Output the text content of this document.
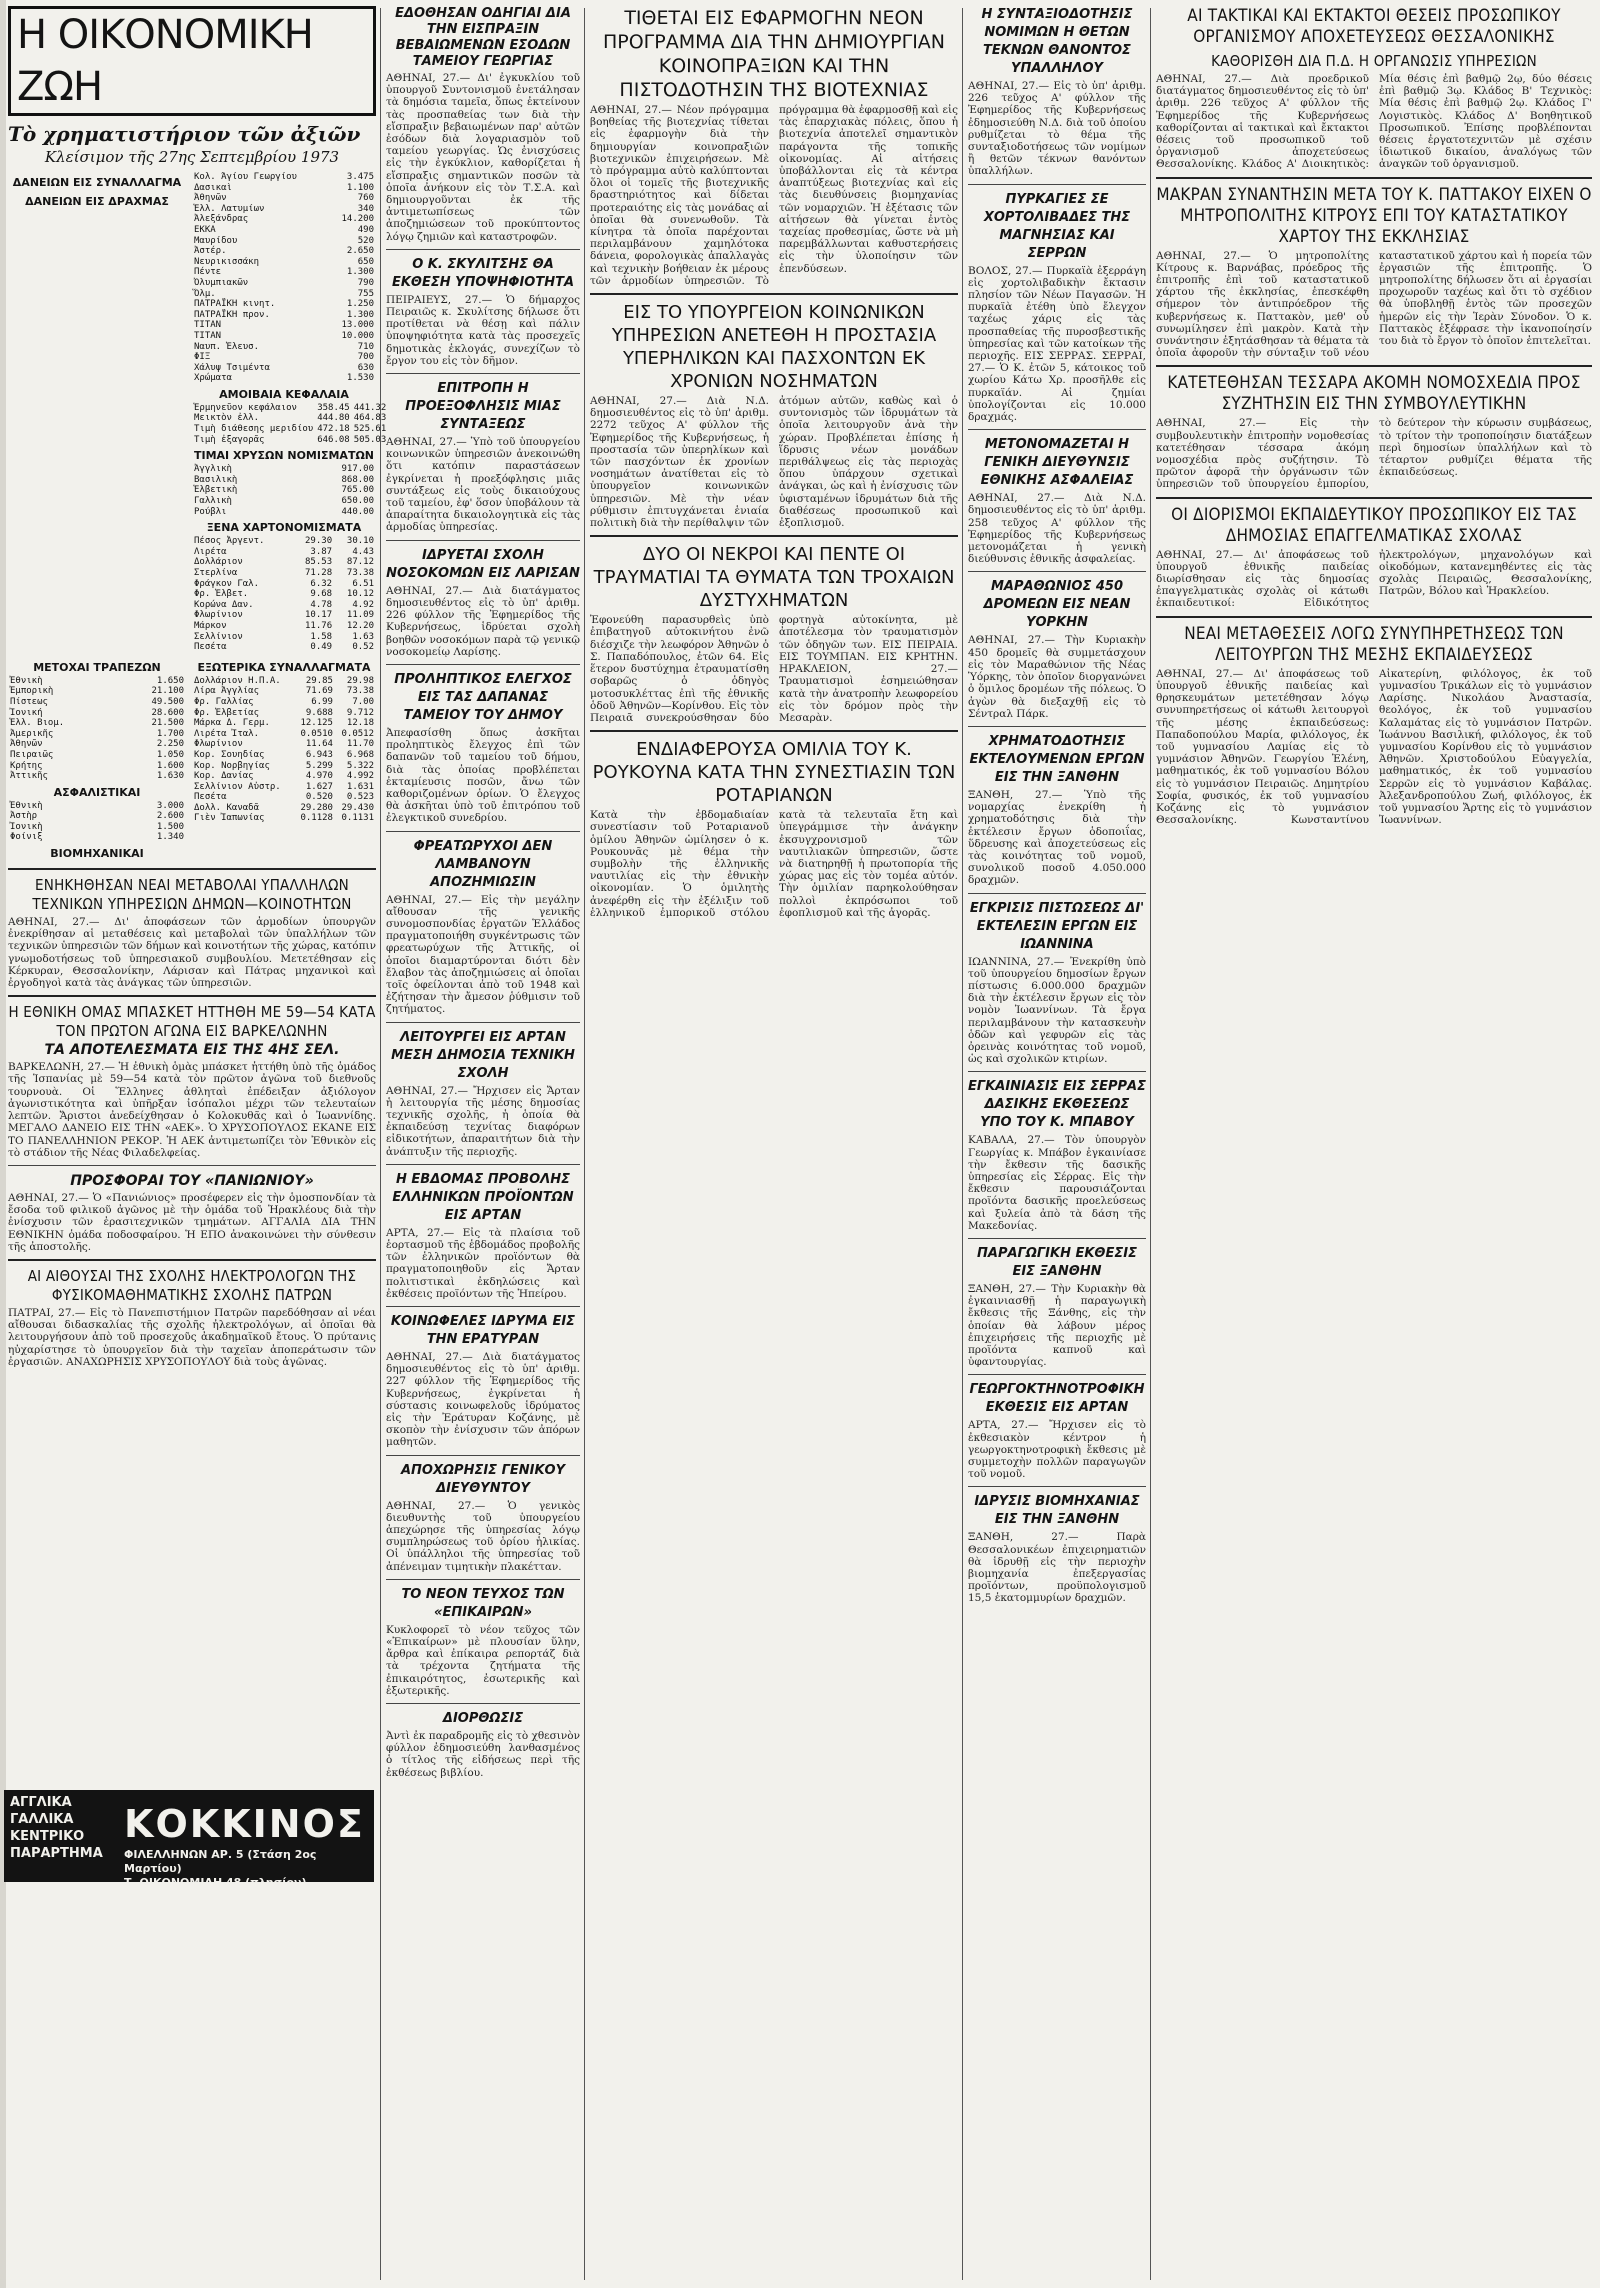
Η ΟΙΚΟΝΟΜΙΚΗ ΖΩΗ
Τὸ χρηματιστήριον τῶν ἀξιῶν
Κλείσιμον τῆς 27ης Σεπτεμβρίου 1973
ΔΑΝΕΙΩΝ ΕΙΣ ΣΥΝΑΛΛΑΓΜΑ
ΔΑΝΕΙΩΝ ΕΙΣ ΔΡΑΧΜΑΣ
Κολ. Άγίου Γεωργίου	3.475
Δασικαὶ	1.100
Ἀθηνῶν	760
Ἑλλ. Λατυμίων	340
Ἀλεξάνδρας	14.200
ΕΚΚΑ	490
Μαυρίδου	520
Ἀστέρ.	2.650
Νευρικισσάκη	650
Πέντε	1.300
Ὀλυμπιακῶν	790
Ὅλμ.	755
ΠΑΤΡΑΪΚΗ κινητ.	1.250
ΠΑΤΡΑΪΚΗ προν.	1.300
ΤΙΤΑΝ	13.000
ΤΙΤΑΝ	10.000
Ναυπ. Ἐλευσ.	710
ΦΙΞ	700
Χάλυψ Τσιμέντα	630
Χρώματα	1.530
ΑΜΟΙΒΑΙΑ ΚΕΦΑΛΑΙΑ
Ἑρμηνεῦον κεφάλαιον	358.45	441.32
Μεικτὸν ἐλλ.	444.80	464.83
Τιμὴ διάθεσης μεριδίου	472.18	525.61
Τιμὴ ἐξαγορᾶς	646.08	505.03
ΤΙΜΑΙ ΧΡΥΣΩΝ ΝΟΜΙΣΜΑΤΩΝ
Ἀγγλικὴ	917.00
Βασιλικὴ	868.00
Ἑλβετικὴ	765.00
Γαλλικὴ	650.00
Ρούβλι	440.00
ΞΕΝΑ ΧΑΡΤΟΝΟΜΙΣΜΑΤΑ
Πέσος Ἀργεντ.	29.30	30.10
Λιρέτα	3.87	4.43
Δολλάριον	85.53	87.12
Στερλίνα	71.28	73.38
Φράγκον Γαλ.	6.32	6.51
Φρ. Ἑλβετ.	9.68	10.12
Κορώνα Δαν.	4.78	4.92
Φλωρίνιον	10.17	11.09
Μάρκον	11.76	12.20
Σελλίνιον	1.58	1.63
Πεσέτα	0.49	0.52
ΜΕΤΟΧΑΙ ΤΡΑΠΕΖΩΝ
Ἐθνικὴ	1.650
Ἐμπορικὴ	21.100
Πίστεως	49.500
Ἰονική	28.600
Ἑλλ. Βιομ.	21.500
Ἀμερικῆς	1.700
Ἀθηνῶν	2.250
Πειραιῶς	1.050
Κρήτης	1.600
Ἀττικῆς	1.630
ΑΣΦΑΛΙΣΤΙΚΑΙ
Ἐθνικὴ	3.000
Ἀστὴρ	2.600
Ἰονικὴ	1.500
Φοίνιξ	1.340
ΒΙΟΜΗΧΑΝΙΚΑΙ
ΕΞΩΤΕΡΙΚΑ ΣΥΝΑΛΛΑΓΜΑΤΑ
Δολλάριον Η.Π.Α.	29.85	29.98
Λίρα Ἀγγλίας	71.69	73.38
Φρ. Γαλλίας	6.99	7.00
Φρ. Ἑλβετίας	9.688	9.712
Μάρκα Δ. Γερμ.	12.125	12.18
Λιρέτα Ἰταλ.	0.0510	0.0512
Φλωρίνιον	11.64	11.70
Κορ. Σουηδίας	6.943	6.968
Κορ. Νορβηγίας	5.299	5.322
Κορ. Δανίας	4.970	4.992
Σελλίνιον Αὐστρ.	1.627	1.631
Πεσέτα	0.520	0.523
Δολλ. Καναδᾶ	29.280	29.430
Γιὲν Ἰαπωνίας	0.1128	0.1131
ΕΝΗΚΗΘΗΣΑΝ ΝΕΑΙ ΜΕΤΑΒΟΛΑΙ ΥΠΑΛΛΗΛΩΝ ΤΕΧΝΙΚΩΝ ΥΠΗΡΕΣΙΩΝ ΔΗΜΩΝ—ΚΟΙΝΟΤΗΤΩΝ

ΑΘΗΝΑΙ, 27.— Δι' ἀποφάσεων τῶν ἀρμοδίων ὑπουργῶν ἐνεκρίθησαν αἱ μεταθέσεις καὶ μεταβολαὶ τῶν ὑπαλλήλων τῶν τεχνικῶν ὑπηρεσιῶν τῶν δήμων καὶ κοινοτήτων τῆς χώρας, κατόπιν γνωμοδοτήσεως τοῦ ὑπηρεσιακοῦ συμβουλίου. Μετετέθησαν εἰς Κέρκυραν, Θεσσαλονίκην, Λάρισαν καὶ Πάτρας μηχανικοὶ καὶ ἐργοδηγοὶ κατὰ τὰς ἀνάγκας τῶν ὑπηρεσιῶν.

Η ΕΘΝΙΚΗ ΟΜΑΣ ΜΠΑΣΚΕΤ ΗΤΤΗΘΗ ΜΕ 59—54 ΚΑΤΑ ΤΟΝ ΠΡΩΤΟΝ ΑΓΩΝΑ ΕΙΣ ΒΑΡΚΕΛΩΝΗΝ
ΤΑ ΑΠΟΤΕΛΕΣΜΑΤΑ ΕΙΣ ΤΗΣ 4ΗΣ ΣΕΛ.

ΒΑΡΚΕΛΩΝΗ, 27.— Ἡ ἐθνικὴ ὁμὰς μπάσκετ ἡττήθη ὑπὸ τῆς ὁμάδος τῆς Ἱσπανίας μὲ 59—54 κατὰ τὸν πρῶτον ἀγῶνα τοῦ διεθνοῦς τουρνουὰ. Οἱ Ἕλληνες ἀθληταὶ ἐπέδειξαν ἀξιόλογον ἀγωνιστικότητα καὶ ὑπῆρξαν ἰσόπαλοι μέχρι τῶν τελευταίων λεπτῶν. Ἄριστοι ἀνεδείχθησαν ὁ Κολοκυθᾶς καὶ ὁ Ἰωαννίδης. ΜΕΓΑΛΟ ΔΑΝΕΙΟ ΕΙΣ ΤΗΝ «ΑΕΚ». Ὁ ΧΡΥΣΟΠΟΥΛΟΣ ΕΚΑΝΕ ΕΙΣ ΤΟ ΠΑΝΕΛΛΗΝΙΟΝ ΡΕΚΟΡ. Ἡ ΑΕΚ ἀντιμετωπίζει τὸν Ἐθνικὸν εἰς τὸ στάδιον τῆς Νέας Φιλαδελφείας.

ΠΡΟΣΦΟΡΑΙ ΤΟΥ «ΠΑΝΙΩΝΙΟΥ»

ΑΘΗΝΑΙ, 27.— Ὁ «Πανιώνιος» προσέφερεν εἰς τὴν ὁμοσπονδίαν τὰ ἔσοδα τοῦ φιλικοῦ ἀγῶνος μὲ τὴν ὁμάδα τοῦ Ἡρακλέους διὰ τὴν ἐνίσχυσιν τῶν ἐρασιτεχνικῶν τμημάτων. ΑΓΓΑΛΙΑ ΔΙΑ ΤΗΝ ΕΘΝΙΚΗΝ ὁμάδα ποδοσφαίρου. Ἡ ΕΠΟ ἀνακοινώνει τὴν σύνθεσιν τῆς ἀποστολῆς.

ΑΙ ΑΙΘΟΥΣΑΙ ΤΗΣ ΣΧΟΛΗΣ ΗΛΕΚΤΡΟΛΟΓΩΝ ΤΗΣ ΦΥΣΙΚΟΜΑΘΗΜΑΤΙΚΗΣ ΣΧΟΛΗΣ ΠΑΤΡΩΝ

ΠΑΤΡΑΙ, 27.— Εἰς τὸ Πανεπιστήμιον Πατρῶν παρεδόθησαν αἱ νέαι αἴθουσαι διδασκαλίας τῆς σχολῆς ἠλεκτρολόγων, αἱ ὁποῖαι θὰ λειτουργήσουν ἀπὸ τοῦ προσεχοῦς ἀκαδημαϊκοῦ ἔτους. Ὁ πρύτανις ηὐχαρίστησε τὸ ὑπουργεῖον διὰ τὴν ταχεῖαν ἀποπεράτωσιν τῶν ἐργασιῶν. ΑΝΑΧΩΡΗΣΙΣ ΧΡΥΣΟΠΟΥΛΟΥ διὰ τοὺς ἀγῶνας.

ΑΓΓΛΙΚΑ ΓΑΛΛΙΚΑ ΚΕΝΤΡΙΚΟ ΠΑΡΑΡΤΗΜΑ
ΚΟΚΚΙΝΟΣ
ΦΙΛΕΛΛΗΝΩΝ ΑΡ. 5 (Στάση 2ος Μαρτίου)
Τ. ΟΙΚΟΝΟΜΙΔΗ 48 (πλησίον)
ΕΔΟΘΗΣΑΝ ΟΔΗΓΙΑΙ ΔΙΑ ΤΗΝ ΕΙΣΠΡΑΞΙΝ ΒΕΒΑΙΩΜΕΝΩΝ ΕΣΟΔΩΝ ΤΑΜΕΙΟΥ ΓΕΩΡΓΙΑΣ

ΑΘΗΝΑΙ, 27.— Δι' ἐγκυκλίου τοῦ ὑπουργοῦ Συντονισμοῦ ἐνετάλησαν τὰ δημόσια ταμεῖα, ὅπως ἐκτείνουν τὰς προσπαθείας των διὰ τὴν εἴσπραξιν βεβαιωμένων παρ' αὐτῶν ἐσόδων διὰ λογαριασμὸν τοῦ ταμείου γεωργίας. Ὡς ἐνισχύσεις εἰς τὴν ἐγκύκλιον, καθορίζεται ἡ εἴσπραξις σημαντικῶν ποσῶν τὰ ὁποῖα ἀνήκουν εἰς τὸν Τ.Σ.Α. καὶ δημιουργοῦνται ἐκ τῆς ἀντιμετωπίσεως τῶν ἀποζημιώσεων τοῦ προκύπτοντος λόγῳ ζημιῶν καὶ καταστροφῶν.

Ο Κ. ΣΚΥΛΙΤΣΗΣ ΘΑ ΕΚΘΕΣΗ ΥΠΟΨΗΦΙΟΤΗΤΑ

ΠΕΙΡΑΙΕΥΣ, 27.— Ὁ δήμαρχος Πειραιῶς κ. Σκυλίτσης δήλωσε ὅτι προτίθεται νὰ θέσῃ καὶ πάλιν ὑποψηφιότητα κατὰ τὰς προσεχεῖς δημοτικὰς ἐκλογάς, συνεχίζων τὸ ἔργον του εἰς τὸν δῆμον.

ΕΠΙΤΡΟΠΗ Η ΠΡΟΕΞΟΦΛΗΣΙΣ ΜΙΑΣ ΣΥΝΤΑΞΕΩΣ

ΑΘΗΝΑΙ, 27.— Ὑπὸ τοῦ ὑπουργείου κοινωνικῶν ὑπηρεσιῶν ἀνεκοινώθη ὅτι κατόπιν παραστάσεων ἐγκρίνεται ἡ προεξόφλησις μιᾶς συντάξεως εἰς τοὺς δικαιούχους τοῦ ταμείου, ἐφ' ὅσον ὑποβάλουν τὰ ἀπαραίτητα δικαιολογητικὰ εἰς τὰς ἁρμοδίας ὑπηρεσίας.

ΙΔΡΥΕΤΑΙ ΣΧΟΛΗ ΝΟΣΟΚΟΜΩΝ ΕΙΣ ΛΑΡΙΣΑΝ

ΑΘΗΝΑΙ, 27.— Διὰ διατάγματος δημοσιευθέντος εἰς τὸ ὑπ' ἀριθμ. 226 φύλλον τῆς Ἐφημερίδος τῆς Κυβερνήσεως, ἱδρύεται σχολὴ βοηθῶν νοσοκόμων παρὰ τῷ γενικῷ νοσοκομείῳ Λαρίσης.

ΠΡΟΛΗΠΤΙΚΟΣ ΕΛΕΓΧΟΣ ΕΙΣ ΤΑΣ ΔΑΠΑΝΑΣ ΤΑΜΕΙΟΥ ΤΟΥ ΔΗΜΟΥ

Ἀπεφασίσθη ὅπως ἀσκῆται προληπτικὸς ἔλεγχος ἐπὶ τῶν δαπανῶν τοῦ ταμείου τοῦ δήμου, διὰ τὰς ὁποίας προβλέπεται ἐκταμίευσις ποσῶν, ἄνω τῶν καθοριζομένων ὁρίων. Ὁ ἔλεγχος θὰ ἀσκῆται ὑπὸ τοῦ ἐπιτρόπου τοῦ ἐλεγκτικοῦ συνεδρίου.

ΦΡΕΑΤΩΡΥΧΟΙ ΔΕΝ ΛΑΜΒΑΝΟΥΝ ΑΠΟΖΗΜΙΩΣΙΝ

ΑΘΗΝΑΙ, 27.— Εἰς τὴν μεγάλην αἴθουσαν τῆς γενικῆς συνομοσπονδίας ἐργατῶν Ἑλλάδος πραγματοποιήθη συγκέντρωσις τῶν φρεατωρύχων τῆς Ἀττικῆς, οἱ ὁποῖοι διαμαρτύρονται διότι δὲν ἔλαβον τὰς ἀποζημιώσεις αἱ ὁποῖαι τοῖς ὀφείλονται ἀπὸ τοῦ 1948 καὶ ἐζήτησαν τὴν ἄμεσον ῥύθμισιν τοῦ ζητήματος.

ΛΕΙΤΟΥΡΓΕΙ ΕΙΣ ΑΡΤΑΝ ΜΕΣΗ ΔΗΜΟΣΙΑ ΤΕΧΝΙΚΗ ΣΧΟΛΗ

ΑΘΗΝΑΙ, 27.— Ἤρχισεν εἰς Ἄρταν ἡ λειτουργία τῆς μέσης δημοσίας τεχνικῆς σχολῆς, ἡ ὁποία θὰ ἐκπαιδεύσῃ τεχνίτας διαφόρων εἰδικοτήτων, ἀπαραιτήτων διὰ τὴν ἀνάπτυξιν τῆς περιοχῆς.

Η ΕΒΔΟΜΑΣ ΠΡΟΒΟΛΗΣ ΕΛΛΗΝΙΚΩΝ ΠΡΟΪΟΝΤΩΝ ΕΙΣ ΑΡΤΑΝ

ΑΡΤΑ, 27.— Εἰς τὰ πλαίσια τοῦ ἑορτασμοῦ τῆς ἑβδομάδος προβολῆς τῶν ἑλληνικῶν προϊόντων θὰ πραγματοποιηθοῦν εἰς Ἄρταν πολιτιστικαὶ ἐκδηλώσεις καὶ ἐκθέσεις προϊόντων τῆς Ἠπείρου.

ΚΟΙΝΩΦΕΛΕΣ ΙΔΡΥΜΑ ΕΙΣ ΤΗΝ ΕΡΑΤΥΡΑΝ

ΑΘΗΝΑΙ, 27.— Διὰ διατάγματος δημοσιευθέντος εἰς τὸ ὑπ' ἀριθμ. 227 φύλλον τῆς Ἐφημερίδος τῆς Κυβερνήσεως, ἐγκρίνεται ἡ σύστασις κοινωφελοῦς ἱδρύματος εἰς τὴν Ἐράτυραν Κοζάνης, μὲ σκοπὸν τὴν ἐνίσχυσιν τῶν ἀπόρων μαθητῶν.

ΑΠΟΧΩΡΗΣΙΣ ΓΕΝΙΚΟΥ ΔΙΕΥΘΥΝΤΟΥ

ΑΘΗΝΑΙ, 27.— Ὁ γενικὸς διευθυντὴς τοῦ ὑπουργείου ἀπεχώρησε τῆς ὑπηρεσίας λόγῳ συμπληρώσεως τοῦ ὁρίου ἡλικίας. Οἱ ὑπάλληλοι τῆς ὑπηρεσίας τοῦ ἀπένειμαν τιμητικὴν πλακέτταν.

ΤΟ ΝΕΟΝ ΤΕΥΧΟΣ ΤΩΝ «ΕΠΙΚΑΙΡΩΝ»

Κυκλοφορεῖ τὸ νέον τεῦχος τῶν «Ἐπικαίρων» μὲ πλουσίαν ὕλην, ἄρθρα καὶ ἐπίκαιρα ρεπορτάζ διὰ τὰ τρέχοντα ζητήματα τῆς ἐπικαιρότητος, ἐσωτερικῆς καὶ ἐξωτερικῆς.

ΔΙΟΡΘΩΣΙΣ

Ἀντὶ ἐκ παραδρομῆς εἰς τὸ χθεσινὸν φύλλον ἐδημοσιεύθη λανθασμένος ὁ τίτλος τῆς εἰδήσεως περὶ τῆς ἐκθέσεως βιβλίου.

ΤΙΘΕΤΑΙ ΕΙΣ ΕΦΑΡΜΟΓΗΝ ΝΕΟΝ ΠΡΟΓΡΑΜΜΑ ΔΙΑ ΤΗΝ ΔΗΜΙΟΥΡΓΙΑΝ ΚΟΙΝΟΠΡΑΞΙΩΝ ΚΑΙ ΤΗΝ ΠΙΣΤΟΔΟΤΗΣΙΝ ΤΗΣ ΒΙΟΤΕΧΝΙΑΣ

ΑΘΗΝΑΙ, 27.— Νέον πρόγραμμα βοηθείας τῆς βιοτεχνίας τίθεται εἰς ἐφαρμογὴν διὰ τὴν δημιουργίαν κοινοπραξιῶν βιοτεχνικῶν ἐπιχειρήσεων. Μὲ τὸ πρόγραμμα αὐτὸ καλύπτονται ὅλοι οἱ τομεῖς τῆς βιοτεχνικῆς δραστηριότητος καὶ δίδεται προτεραιότης εἰς τὰς μονάδας αἱ ὁποῖαι θὰ συνενωθοῦν. Τὰ κίνητρα τὰ ὁποῖα παρέχονται περιλαμβάνουν χαμηλότοκα δάνεια, φορολογικὰς ἀπαλλαγὰς καὶ τεχνικὴν βοήθειαν ἐκ μέρους τῶν ἁρμοδίων ὑπηρεσιῶν. Τὸ πρόγραμμα θὰ ἐφαρμοσθῇ καὶ εἰς τὰς ἐπαρχιακὰς πόλεις, ὅπου ἡ βιοτεχνία ἀποτελεῖ σημαντικὸν παράγοντα τῆς τοπικῆς οἰκονομίας. Αἱ αἰτήσεις ὑποβάλλονται εἰς τὰ κέντρα ἀναπτύξεως βιοτεχνίας καὶ εἰς τὰς διευθύνσεις βιομηχανίας τῶν νομαρχιῶν. Ἡ ἐξέτασις τῶν αἰτήσεων θὰ γίνεται ἐντὸς ταχείας προθεσμίας, ὥστε νὰ μὴ παρεμβάλλωνται καθυστερήσεις εἰς τὴν ὑλοποίησιν τῶν ἐπενδύσεων.

ΕΙΣ ΤΟ ΥΠΟΥΡΓΕΙΟΝ ΚΟΙΝΩΝΙΚΩΝ ΥΠΗΡΕΣΙΩΝ ΑΝΕΤΕΘΗ Η ΠΡΟΣΤΑΣΙΑ ΥΠΕΡΗΛΙΚΩΝ ΚΑΙ ΠΑΣΧΟΝΤΩΝ ΕΚ ΧΡΟΝΙΩΝ ΝΟΣΗΜΑΤΩΝ

ΑΘΗΝΑΙ, 27.— Διὰ Ν.Δ. δημοσιευθέντος εἰς τὸ ὑπ' ἀριθμ. 2272 τεῦχος Α' φύλλον τῆς Ἐφημερίδος τῆς Κυβερνήσεως, ἡ προστασία τῶν ὑπερηλίκων καὶ τῶν πασχόντων ἐκ χρονίων νοσημάτων ἀνατίθεται εἰς τὸ ὑπουργεῖον κοινωνικῶν ὑπηρεσιῶν. Μὲ τὴν νέαν ρύθμισιν ἐπιτυγχάνεται ἑνιαία πολιτικὴ διὰ τὴν περίθαλψιν τῶν ἀτόμων αὐτῶν, καθὼς καὶ ὁ συντονισμὸς τῶν ἱδρυμάτων τὰ ὁποῖα λειτουργοῦν ἀνὰ τὴν χώραν. Προβλέπεται ἐπίσης ἡ ἵδρυσις νέων μονάδων περιθάλψεως εἰς τὰς περιοχὰς ὅπου ὑπάρχουν σχετικαὶ ἀνάγκαι, ὡς καὶ ἡ ἐνίσχυσις τῶν ὑφισταμένων ἱδρυμάτων διὰ τῆς διαθέσεως προσωπικοῦ καὶ ἐξοπλισμοῦ.

ΔΥΟ ΟΙ ΝΕΚΡΟΙ ΚΑΙ ΠΕΝΤΕ ΟΙ ΤΡΑΥΜΑΤΙΑΙ ΤΑ ΘΥΜΑΤΑ ΤΩΝ ΤΡΟΧΑΙΩΝ ΔΥΣΤΥΧΗΜΑΤΩΝ

Ἐφονεύθη παρασυρθεὶς ὑπὸ ἐπιβατηγοῦ αὐτοκινήτου ἐνῶ διέσχιζε τὴν λεωφόρον Ἀθηνῶν ὁ Σ. Παπαδόπουλος, ἐτῶν 64. Εἰς ἕτερον δυστύχημα ἐτραυματίσθη σοβαρῶς ὁ ὁδηγὸς μοτοσυκλέττας ἐπὶ τῆς ἐθνικῆς ὁδοῦ Ἀθηνῶν—Κορίνθου. Εἰς τὸν Πειραιᾶ συνεκρούσθησαν δύο φορτηγὰ αὐτοκίνητα, μὲ ἀποτέλεσμα τὸν τραυματισμὸν τῶν ὁδηγῶν των. ΕΙΣ ΠΕΙΡΑΙΑ. ΕΙΣ ΤΟΥΜΠΑΝ. ΕΙΣ ΚΡΗΤΗΝ. ΗΡΑΚΛΕΙΟΝ, 27.— Τραυματισμοὶ ἐσημειώθησαν κατὰ τὴν ἀνατροπὴν λεωφορείου εἰς τὸν δρόμον πρὸς τὴν Μεσαρὰν.

ΕΝΔΙΑΦΕΡΟΥΣΑ ΟΜΙΛΙΑ ΤΟΥ Κ. ΡΟΥΚΟΥΝΑ ΚΑΤΑ ΤΗΝ ΣΥΝΕΣΤΙΑΣΙΝ ΤΩΝ ΡΟΤΑΡΙΑΝΩΝ

Κατὰ τὴν ἑβδομαδιαίαν συνεστίασιν τοῦ Ροταριανοῦ ὁμίλου Ἀθηνῶν ὡμίλησεν ὁ κ. Ρουκουνᾶς μὲ θέμα τὴν συμβολὴν τῆς ἑλληνικῆς ναυτιλίας εἰς τὴν ἐθνικὴν οἰκονομίαν. Ὁ ὁμιλητὴς ἀνεφέρθη εἰς τὴν ἐξέλιξιν τοῦ ἑλληνικοῦ ἐμπορικοῦ στόλου κατὰ τὰ τελευταῖα ἔτη καὶ ὑπεγράμμισε τὴν ἀνάγκην ἐκσυγχρονισμοῦ τῶν ναυτιλιακῶν ὑπηρεσιῶν, ὥστε νὰ διατηρηθῇ ἡ πρωτοπορία τῆς χώρας μας εἰς τὸν τομέα αὐτόν. Τὴν ὁμιλίαν παρηκολούθησαν πολλοὶ ἐκπρόσωποι τοῦ ἐφοπλισμοῦ καὶ τῆς ἀγορᾶς.

Η ΣΥΝΤΑΞΙΟΔΟΤΗΣΙΣ ΝΟΜΙΜΩΝ Η ΘΕΤΩΝ ΤΕΚΝΩΝ ΘΑΝΟΝΤΟΣ ΥΠΑΛΛΗΛΟΥ

ΑΘΗΝΑΙ, 27.— Εἰς τὸ ὑπ' ἀριθμ. 226 τεῦχος Α' φύλλον τῆς Ἐφημερίδος τῆς Κυβερνήσεως ἐδημοσιεύθη Ν.Δ. διὰ τοῦ ὁποίου ρυθμίζεται τὸ θέμα τῆς συνταξιοδοτήσεως τῶν νομίμων ἢ θετῶν τέκνων θανόντων ὑπαλλήλων.

ΠΥΡΚΑΓΙΕΣ ΣΕ ΧΟΡΤΟΛΙΒΑΔΕΣ ΤΗΣ ΜΑΓΝΗΣΙΑΣ ΚΑΙ ΣΕΡΡΩΝ

ΒΟΛΟΣ, 27.— Πυρκαϊὰ ἐξερράγη εἰς χορτολιβαδικὴν ἔκτασιν πλησίον τῶν Νέων Παγασῶν. Ἡ πυρκαϊὰ ἐτέθη ὑπὸ ἔλεγχον ταχέως χάρις εἰς τὰς προσπαθείας τῆς πυροσβεστικῆς ὑπηρεσίας καὶ τῶν κατοίκων τῆς περιοχῆς. ΕΙΣ ΣΕΡΡΑΣ. ΣΕΡΡΑΙ, 27.— Ὁ Κ. ἐτῶν 5, κάτοικος τοῦ χωρίου Κάτω Χρ. προσῆλθε εἰς πυρκαϊάν. Αἱ ζημίαι ὑπολογίζονται εἰς 10.000 δραχμάς.

ΜΕΤΟΝΟΜΑΖΕΤΑΙ Η ΓΕΝΙΚΗ ΔΙΕΥΘΥΝΣΙΣ ΕΘΝΙΚΗΣ ΑΣΦΑΛΕΙΑΣ

ΑΘΗΝΑΙ, 27.— Διὰ Ν.Δ. δημοσιευθέντος εἰς τὸ ὑπ' ἀριθμ. 258 τεῦχος Α' φύλλον τῆς Ἐφημερίδος τῆς Κυβερνήσεως μετονομάζεται ἡ γενικὴ διεύθυνσις ἐθνικῆς ἀσφαλείας.

ΜΑΡΑΘΩΝΙΟΣ 450 ΔΡΟΜΕΩΝ ΕΙΣ ΝΕΑΝ ΥΟΡΚΗΝ

ΑΘΗΝΑΙ, 27.— Τὴν Κυριακὴν 450 δρομεῖς θὰ συμμετάσχουν εἰς τὸν Μαραθώνιον τῆς Νέας Ὑόρκης, τὸν ὁποῖον διοργανώνει ὁ ὅμιλος δρομέων τῆς πόλεως. Ὁ ἀγὼν θὰ διεξαχθῇ εἰς τὸ Σέντραλ Πάρκ.

ΧΡΗΜΑΤΟΔΟΤΗΣΙΣ ΕΚΤΕΛΟΥΜΕΝΩΝ ΕΡΓΩΝ ΕΙΣ ΤΗΝ ΞΑΝΘΗΝ

ΞΑΝΘΗ, 27.— Ὑπὸ τῆς νομαρχίας ἐνεκρίθη ἡ χρηματοδότησις διὰ τὴν ἐκτέλεσιν ἔργων ὁδοποιΐας, ὕδρευσης καὶ ἀποχετεύσεως εἰς τὰς κοινότητας τοῦ νομοῦ, συνολικοῦ ποσοῦ 4.050.000 δραχμῶν.

ΕΓΚΡΙΣΙΣ ΠΙΣΤΩΣΕΩΣ ΔΙ' ΕΚΤΕΛΕΣΙΝ ΕΡΓΩΝ ΕΙΣ ΙΩΑΝΝΙΝΑ

ΙΩΑΝΝΙΝΑ, 27.— Ἐνεκρίθη ὑπὸ τοῦ ὑπουργείου δημοσίων ἔργων πίστωσις 6.000.000 δραχμῶν διὰ τὴν ἐκτέλεσιν ἔργων εἰς τὸν νομὸν Ἰωαννίνων. Τὰ ἔργα περιλαμβάνουν τὴν κατασκευὴν ὁδῶν καὶ γεφυρῶν εἰς τὰς ὀρεινὰς κοινότητας τοῦ νομοῦ, ὡς καὶ σχολικῶν κτιρίων.

ΕΓΚΑΙΝΙΑΣΙΣ ΕΙΣ ΣΕΡΡΑΣ ΔΑΣΙΚΗΣ ΕΚΘΕΣΕΩΣ ΥΠΟ ΤΟΥ Κ. ΜΠΑΒΟΥ

ΚΑΒΑΛΑ, 27.— Τὸν ὑπουργὸν Γεωργίας κ. Μπάβον ἐγκαινίασε τὴν ἔκθεσιν τῆς δασικῆς ὑπηρεσίας εἰς Σέρρας. Εἰς τὴν ἔκθεσιν παρουσιάζονται προϊόντα δασικῆς προελεύσεως καὶ ξυλεία ἀπὸ τὰ δάση τῆς Μακεδονίας.

ΠΑΡΑΓΩΓΙΚΗ ΕΚΘΕΣΙΣ ΕΙΣ ΞΑΝΘΗΝ

ΞΑΝΘΗ, 27.— Τὴν Κυριακὴν θὰ ἐγκαινιασθῇ ἡ παραγωγικὴ ἔκθεσις τῆς Ξάνθης, εἰς τὴν ὁποίαν θὰ λάβουν μέρος ἐπιχειρήσεις τῆς περιοχῆς μὲ προϊόντα καπνοῦ καὶ ὑφαντουργίας.

ΓΕΩΡΓΟΚΤΗΝΟΤΡΟΦΙΚΗ ΕΚΘΕΣΙΣ ΕΙΣ ΑΡΤΑΝ

ΑΡΤΑ, 27.— Ἤρχισεν εἰς τὸ ἐκθεσιακὸν κέντρον ἡ γεωργοκτηνοτροφικὴ ἔκθεσις μὲ συμμετοχὴν πολλῶν παραγωγῶν τοῦ νομοῦ.

ΙΔΡΥΣΙΣ ΒΙΟΜΗΧΑΝΙΑΣ ΕΙΣ ΤΗΝ ΞΑΝΘΗΝ

ΞΑΝΘΗ, 27.— Παρὰ Θεσσαλονικέων ἐπιχειρηματιῶν θὰ ἱδρυθῇ εἰς τὴν περιοχὴν βιομηχανία ἐπεξεργασίας προϊόντων, προϋπολογισμοῦ 15,5 ἑκατομμυρίων δραχμῶν.

ΑΙ ΤΑΚΤΙΚΑΙ ΚΑΙ ΕΚΤΑΚΤΟΙ ΘΕΣΕΙΣ ΠΡΟΣΩΠΙΚΟΥ ΟΡΓΑΝΙΣΜΟΥ ΑΠΟΧΕΤΕΥΣΕΩΣ ΘΕΣΣΑΛΟΝΙΚΗΣ
ΚΑΘΟΡΙΣΘΗ ΔΙΑ Π.Δ. Η ΟΡΓΑΝΩΣΙΣ ΥΠΗΡΕΣΙΩΝ

ΑΘΗΝΑΙ, 27.— Διὰ προεδρικοῦ διατάγματος δημοσιευθέντος εἰς τὸ ὑπ' ἀριθμ. 226 τεῦχος Α' φύλλον τῆς Ἐφημερίδος τῆς Κυβερνήσεως καθορίζονται αἱ τακτικαὶ καὶ ἔκτακτοι θέσεις τοῦ προσωπικοῦ τοῦ ὀργανισμοῦ ἀποχετεύσεως Θεσσαλονίκης. Κλάδος Α' Διοικητικὸς: Μία θέσις ἐπὶ βαθμῷ 2ῳ, δύο θέσεις ἐπὶ βαθμῷ 3ῳ. Κλάδος Β' Τεχνικὸς: Μία θέσις ἐπὶ βαθμῷ 2ῳ. Κλάδος Γ' Λογιστικὸς. Κλάδος Δ' Βοηθητικοῦ Προσωπικοῦ. Ἐπίσης προβλέπονται θέσεις ἐργατοτεχνιτῶν μὲ σχέσιν ἰδιωτικοῦ δικαίου, ἀναλόγως τῶν ἀναγκῶν τοῦ ὀργανισμοῦ.

ΜΑΚΡΑΝ ΣΥΝΑΝΤΗΣΙΝ ΜΕΤΑ ΤΟΥ Κ. ΠΑΤΤΑΚΟΥ ΕΙΧΕΝ Ο ΜΗΤΡΟΠΟΛΙΤΗΣ ΚΙΤΡΟΥΣ ΕΠΙ ΤΟΥ ΚΑΤΑΣΤΑΤΙΚΟΥ ΧΑΡΤΟΥ ΤΗΣ ΕΚΚΛΗΣΙΑΣ

ΑΘΗΝΑΙ, 27.— Ὁ μητροπολίτης Κίτρους κ. Βαρνάβας, πρόεδρος τῆς ἐπιτροπῆς ἐπὶ τοῦ καταστατικοῦ χάρτου τῆς ἐκκλησίας, ἐπεσκέφθη σήμερον τὸν ἀντιπρόεδρον τῆς κυβερνήσεως κ. Παττακὸν, μεθ' οὗ συνωμίλησεν ἐπὶ μακρὸν. Κατὰ τὴν συνάντησιν ἐξητάσθησαν τὰ θέματα τὰ ὁποῖα ἀφοροῦν τὴν σύνταξιν τοῦ νέου καταστατικοῦ χάρτου καὶ ἡ πορεία τῶν ἐργασιῶν τῆς ἐπιτροπῆς. Ὁ μητροπολίτης δήλωσεν ὅτι αἱ ἐργασίαι προχωροῦν ταχέως καὶ ὅτι τὸ σχέδιον θὰ ὑποβληθῇ ἐντὸς τῶν προσεχῶν ἡμερῶν εἰς τὴν Ἱερὰν Σύνοδον. Ὁ κ. Παττακὸς ἐξέφρασε τὴν ἱκανοποίησίν του διὰ τὸ ἔργον τὸ ὁποῖον ἐπιτελεῖται.

ΚΑΤΕΤΕΘΗΣΑΝ ΤΕΣΣΑΡΑ ΑΚΟΜΗ ΝΟΜΟΣΧΕΔΙΑ ΠΡΟΣ ΣΥΖΗΤΗΣΙΝ ΕΙΣ ΤΗΝ ΣΥΜΒΟΥΛΕΥΤΙΚΗΝ

ΑΘΗΝΑΙ, 27.— Εἰς τὴν συμβουλευτικὴν ἐπιτροπὴν νομοθεσίας κατετέθησαν τέσσαρα ἀκόμη νομοσχέδια πρὸς συζήτησιν. Τὸ πρῶτον ἀφορᾶ τὴν ὀργάνωσιν τῶν ὑπηρεσιῶν τοῦ ὑπουργείου ἐμπορίου, τὸ δεύτερον τὴν κύρωσιν συμβάσεως, τὸ τρίτον τὴν τροποποίησιν διατάξεων περὶ δημοσίων ὑπαλλήλων καὶ τὸ τέταρτον ρυθμίζει θέματα τῆς ἐκπαιδεύσεως.

ΟΙ ΔΙΟΡΙΣΜΟΙ ΕΚΠΑΙΔΕΥΤΙΚΟΥ ΠΡΟΣΩΠΙΚΟΥ ΕΙΣ ΤΑΣ ΔΗΜΟΣΙΑΣ ΕΠΑΓΓΕΛΜΑΤΙΚΑΣ ΣΧΟΛΑΣ

ΑΘΗΝΑΙ, 27.— Δι' ἀποφάσεως τοῦ ὑπουργοῦ ἐθνικῆς παιδείας διωρίσθησαν εἰς τὰς δημοσίας ἐπαγγελματικὰς σχολὰς οἱ κάτωθι ἐκπαιδευτικοί: Εἰδικότητος ἠλεκτρολόγων, μηχανολόγων καὶ οἰκοδόμων, κατανεμηθέντες εἰς τὰς σχολὰς Πειραιῶς, Θεσσαλονίκης, Πατρῶν, Βόλου καὶ Ἡρακλείου.

ΝΕΑΙ ΜΕΤΑΘΕΣΕΙΣ ΛΟΓΩ ΣΥΝΥΠΗΡΕΤΗΣΕΩΣ ΤΩΝ ΛΕΙΤΟΥΡΓΩΝ ΤΗΣ ΜΕΣΗΣ ΕΚΠΑΙΔΕΥΣΕΩΣ

ΑΘΗΝΑΙ, 27.— Δι' ἀποφάσεως τοῦ ὑπουργοῦ ἐθνικῆς παιδείας καὶ θρησκευμάτων μετετέθησαν λόγῳ συνυπηρετήσεως οἱ κάτωθι λειτουργοὶ τῆς μέσης ἐκπαιδεύσεως: Παπαδοπούλου Μαρία, φιλόλογος, ἐκ τοῦ γυμνασίου Λαμίας εἰς τὸ γυμνάσιον Ἀθηνῶν. Γεωργίου Ἑλένη, μαθηματικός, ἐκ τοῦ γυμνασίου Βόλου εἰς τὸ γυμνάσιον Πειραιῶς. Δημητρίου Σοφία, φυσικός, ἐκ τοῦ γυμνασίου Κοζάνης εἰς τὸ γυμνάσιον Θεσσαλονίκης. Κωνσταντίνου Αἰκατερίνη, φιλόλογος, ἐκ τοῦ γυμνασίου Τρικάλων εἰς τὸ γυμνάσιον Λαρίσης. Νικολάου Ἀναστασία, θεολόγος, ἐκ τοῦ γυμνασίου Καλαμάτας εἰς τὸ γυμνάσιον Πατρῶν. Ἰωάννου Βασιλική, φιλόλογος, ἐκ τοῦ γυμνασίου Κορίνθου εἰς τὸ γυμνάσιον Ἀθηνῶν. Χριστοδούλου Εὐαγγελία, μαθηματικός, ἐκ τοῦ γυμνασίου Σερρῶν εἰς τὸ γυμνάσιον Καβάλας. Ἀλεξανδροπούλου Ζωή, φιλόλογος, ἐκ τοῦ γυμνασίου Ἄρτης εἰς τὸ γυμνάσιον Ἰωαννίνων.
